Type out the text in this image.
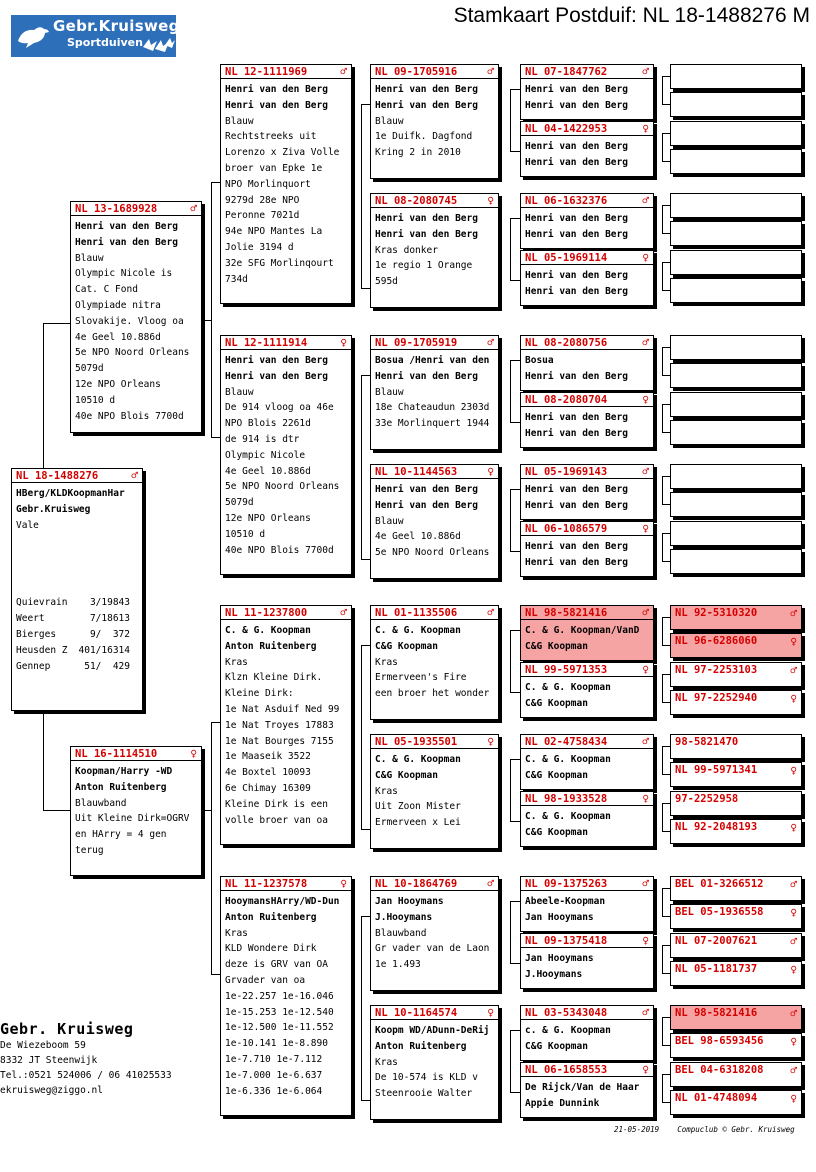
Gebr.Kruisweg
Sportduiven
Stamkaart Postduif: NL 18-1488276 M
NL 18-1488276	♂
HBerg/KLDKoopmanHar
Gebr.Kruisweg
Vale
Quievrain	3/19843
Weert	7/18613
Bierges	9/  372
Heusden Z	401/16314
Gennep	51/  429
NL 13-1689928	♂
Henri van den Berg
Henri van den Berg
Blauw
Olympic Nicole is
Cat. C Fond
Olympiade nitra
Slovakije. Vloog oa
4e Geel 10.886d
5e NPO Noord Orleans
5079d
12e NPO Orleans
10510 d
40e NPO Blois 7700d
NL 16-1114510	♀
Koopman/Harry -WD
Anton Ruitenberg
Blauwband
Uit Kleine Dirk=OGRV
en HArry = 4 gen
terug
NL 12-1111969	♂
Henri van den Berg
Henri van den Berg
Blauw
Rechtstreeks uit
Lorenzo x Ziva Volle
broer van Epke 1e
NPO Morlinquort
9279d 28e NPO
Peronne 7021d
94e NPO Mantes La
Jolie 3194 d
32e SFG Morlinqourt
734d
NL 12-1111914	♀
Henri van den Berg
Henri van den Berg
Blauw
De 914 vloog oa 46e
NPO Blois 2261d
de 914 is dtr
Olympic Nicole
4e Geel 10.886d
5e NPO Noord Orleans
5079d
12e NPO Orleans
10510 d
40e NPO Blois 7700d
NL 11-1237800	♂
C. & G. Koopman
Anton Ruitenberg
Kras
Klzn Kleine Dirk.
Kleine Dirk:
1e Nat Asduif Ned 99
1e Nat Troyes 17883
1e Nat Bourges 7155
1e Maaseik 3522
4e Boxtel 10093
6e Chimay 16309
Kleine Dirk is een
volle broer van oa
NL 11-1237578	♀
HooymansHArry/WD-Dun
Anton Ruitenberg
Kras
KLD Wondere Dirk
deze is GRV van OA
Grvader van oa
1e-22.257 1e-16.046
1e-15.253 1e-12.540
1e-12.500 1e-11.552
1e-10.141 1e-8.890
1e-7.710 1e-7.112
1e-7.000 1e-6.637
1e-6.336 1e-6.064
NL 09-1705916	♂
Henri van den Berg
Henri van den Berg
Blauw
1e Duifk. Dagfond
Kring 2 in 2010
NL 08-2080745	♀
Henri van den Berg
Henri van den Berg
Kras donker
1e regio 1 Orange
595d
NL 09-1705919	♂
Bosua /Henri van den
Henri van den Berg
Blauw
18e Chateaudun 2303d
33e Morlinquert 1944
NL 10-1144563	♀
Henri van den Berg
Henri van den Berg
Blauw
4e Geel 10.886d
5e NPO Noord Orleans
NL 01-1135506	♂
C. & G. Koopman
C&G Koopman
Kras
Ermerveen's Fire
een broer het wonder
NL 05-1935501	♀
C. & G. Koopman
C&G Koopman
Kras
Uit Zoon Mister
Ermerveen x Lei
NL 10-1864769	♂
Jan Hooymans
J.Hooymans
Blauwband
Gr vader van de Laon
1e 1.493
NL 10-1164574	♀
Koopm WD/ADunn-DeRij
Anton Ruitenberg
Kras
De 10-574 is KLD v
Steenrooie Walter
NL 07-1847762	♂
Henri van den Berg
Henri van den Berg
NL 04-1422953	♀
Henri van den Berg
Henri van den Berg
NL 06-1632376	♂
Henri van den Berg
Henri van den Berg
NL 05-1969114	♀
Henri van den Berg
Henri van den Berg
NL 08-2080756	♂
Bosua
Henri van den Berg
NL 08-2080704	♀
Henri van den Berg
Henri van den Berg
NL 05-1969143	♂
Henri van den Berg
Henri van den Berg
NL 06-1086579	♀
Henri van den Berg
Henri van den Berg
NL 98-5821416	♂
C. & G. Koopman/VanD
C&G Koopman
NL 99-5971353	♀
C. & G. Koopman
C&G Koopman
NL 02-4758434	♂
C. & G. Koopman
C&G Koopman
NL 98-1933528	♀
C. & G. Koopman
C&G Koopman
NL 09-1375263	♂
Abeele-Koopman
Jan Hooymans
NL 09-1375418	♀
Jan Hooymans
J.Hooymans
NL 03-5343048	♂
c. & G. Koopman
C&G Koopman
NL 06-1658553	♀
De Rijck/Van de Haar
Appie Dunnink
NL 92-5310320	♂
NL 96-6286060	♀
NL 97-2253103	♂
NL 97-2252940	♀
98-5821470
NL 99-5971341	♀
97-2252958
NL 92-2048193	♀
BEL 01-3266512 ♂
BEL 05-1936558 ♀
NL 07-2007621	♂
NL 05-1181737	♀
NL 98-5821416	♂
BEL 98-6593456 ♀
BEL 04-6318208 ♂
NL 01-4748094	♀
Gebr. Kruisweg
De Wiezeboom 59
8332 JT Steenwijk
Tel.:0521 524006 / 06 41025533
ekruisweg@ziggo.nl
21-05-2019 Compuclub © Gebr. Kruisweg
